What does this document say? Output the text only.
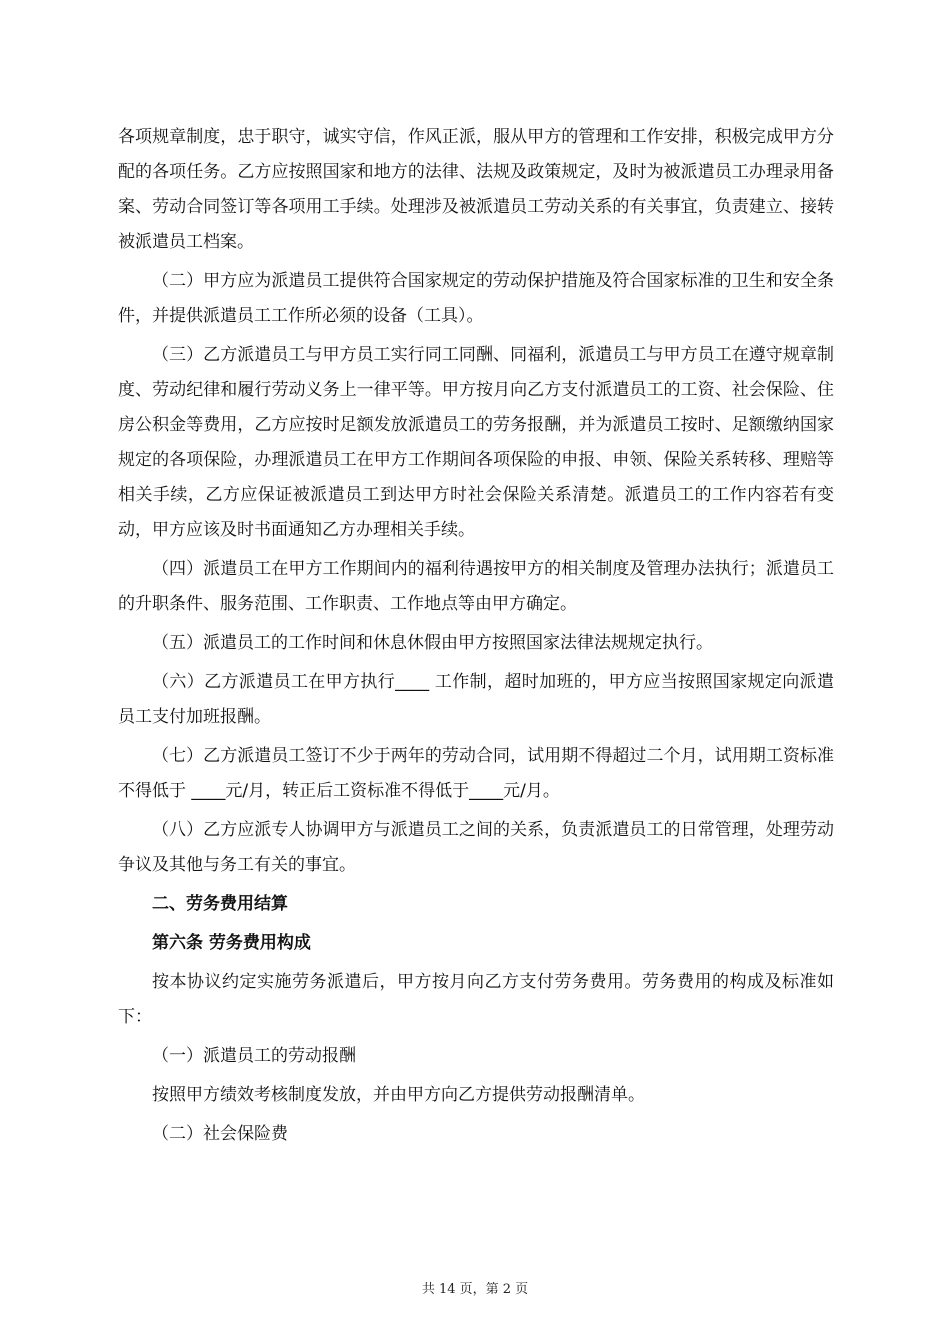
各项规章制度，忠于职守，诚实守信，作风正派，服从甲方的管理和工作安排，积极完成甲方分配的各项任务。乙方应按照国家和地方的法律、法规及政策规定，及时为被派遣员工办理录用备案、劳动合同签订等各项用工手续。处理涉及被派遣员工劳动关系的有关事宜，负责建立、接转被派遣员工档案。

（二）甲方应为派遣员工提供符合国家规定的劳动保护措施及符合国家标准的卫生和安全条件，并提供派遣员工工作所必须的设备（工具）。

（三）乙方派遣员工与甲方员工实行同工同酬、同福利，派遣员工与甲方员工在遵守规章制度、劳动纪律和履行劳动义务上一律平等。甲方按月向乙方支付派遣员工的工资、社会保险、住房公积金等费用，乙方应按时足额发放派遣员工的劳务报酬，并为派遣员工按时、足额缴纳国家规定的各项保险，办理派遣员工在甲方工作期间各项保险的申报、申领、保险关系转移、理赔等相关手续，乙方应保证被派遣员工到达甲方时社会保险关系清楚。派遣员工的工作内容若有变动，甲方应该及时书面通知乙方办理相关手续。

（四）派遣员工在甲方工作期间内的福利待遇按甲方的相关制度及管理办法执行；派遣员工的升职条件、服务范围、工作职责、工作地点等由甲方确定。

（五）派遣员工的工作时间和休息休假由甲方按照国家法律法规规定执行。

（六）乙方派遣员工在甲方执行____ 工作制，超时加班的，甲方应当按照国家规定向派遣员工支付加班报酬。

（七）乙方派遣员工签订不少于两年的劳动合同，试用期不得超过二个月，试用期工资标准不得低于 ____元/月，转正后工资标准不得低于____元/月。

（八）乙方应派专人协调甲方与派遣员工之间的关系，负责派遣员工的日常管理，处理劳动争议及其他与务工有关的事宜。

二、劳务费用结算

第六条 劳务费用构成

按本协议约定实施劳务派遣后，甲方按月向乙方支付劳务费用。劳务费用的构成及标准如下：

（一）派遣员工的劳动报酬

按照甲方绩效考核制度发放，并由甲方向乙方提供劳动报酬清单。

（二）社会保险费

共 14 页，第 2 页
